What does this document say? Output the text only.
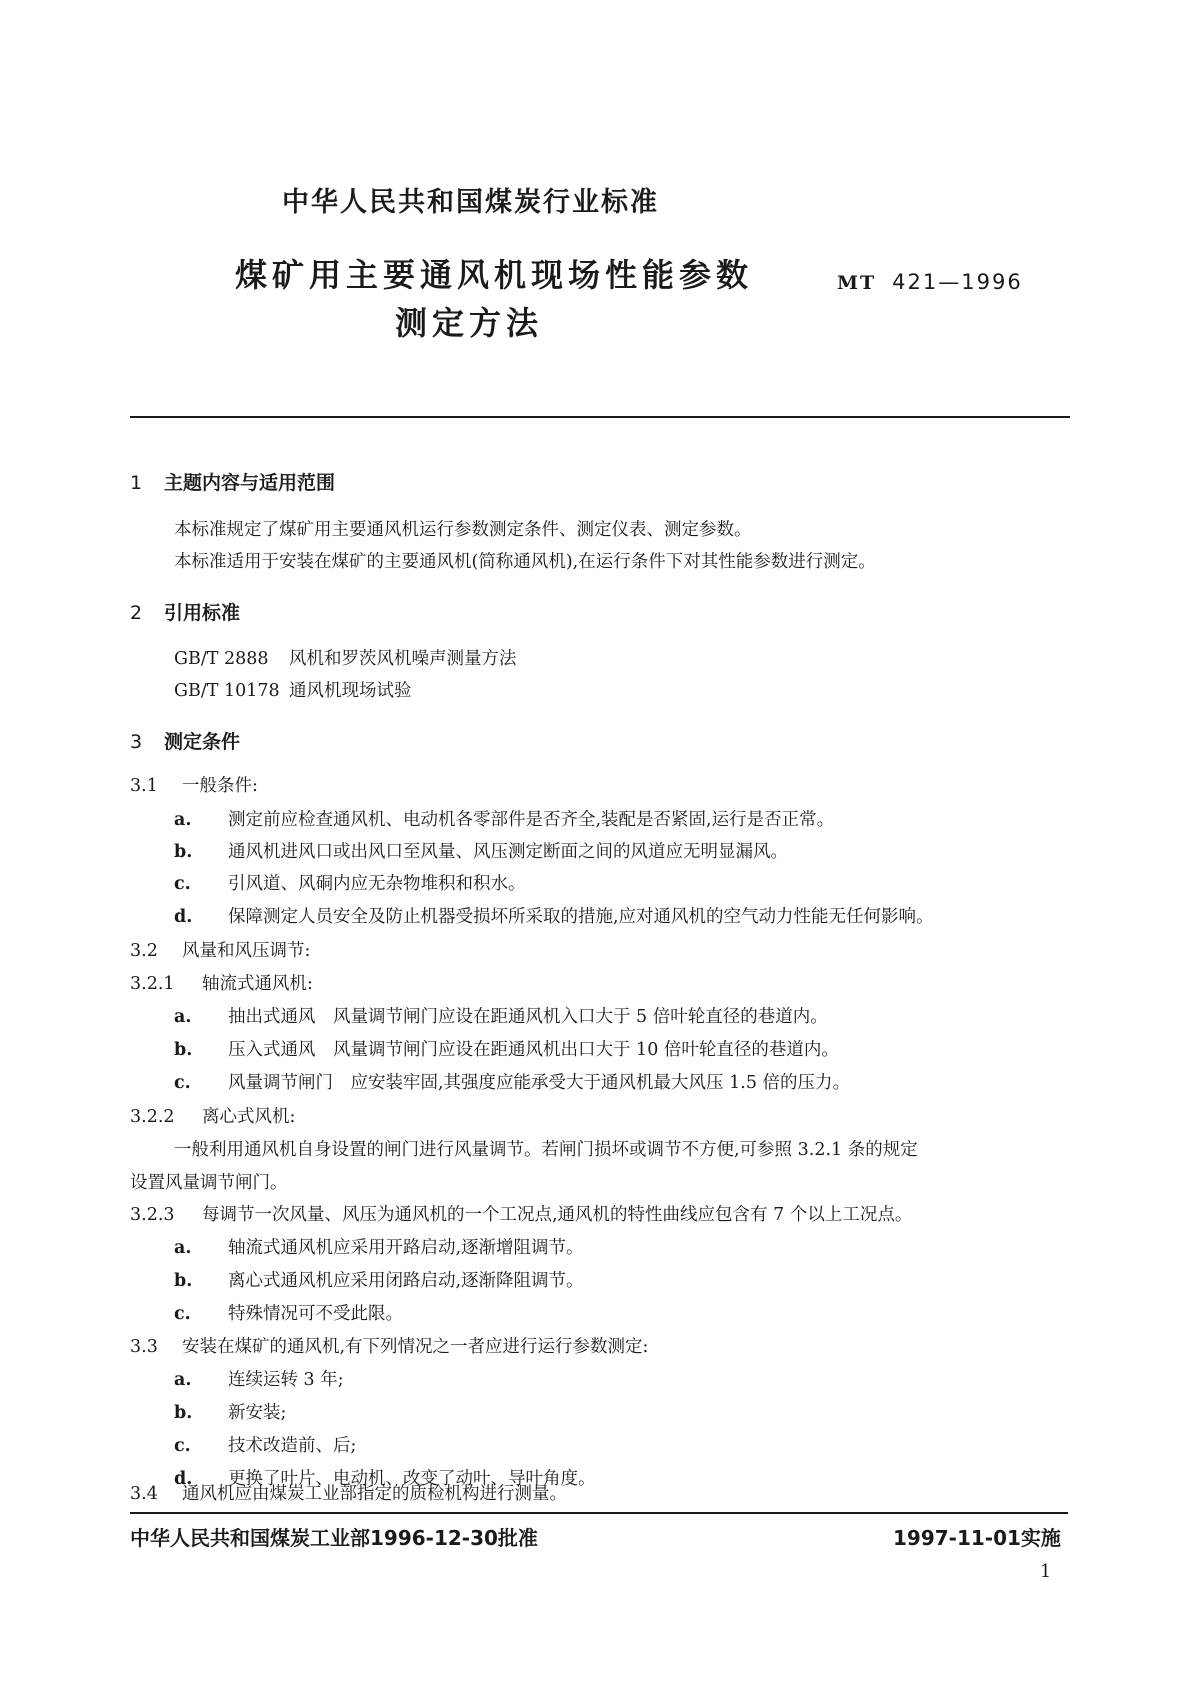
中华人民共和国煤炭行业标准
煤矿用主要通风机现场性能参数
测定方法
MT 421—1996
1 主题内容与适用范围
本标准规定了煤矿用主要通风机运行参数测定条件、测定仪表、测定参数。
本标准适用于安装在煤矿的主要通风机(简称通风机),在运行条件下对其性能参数进行测定。
2 引用标准
GB/T 2888 风机和罗茨风机噪声测量方法
GB/T 10178 通风机现场试验
3 测定条件
3.1 一般条件:
a. 测定前应检查通风机、电动机各零部件是否齐全,装配是否紧固,运行是否正常。
b. 通风机进风口或出风口至风量、风压测定断面之间的风道应无明显漏风。
c. 引风道、风硐内应无杂物堆积和积水。
d. 保障测定人员安全及防止机器受损坏所采取的措施,应对通风机的空气动力性能无任何影响。
3.2 风量和风压调节:
3.2.1 轴流式通风机:
a. 抽出式通风　风量调节闸门应设在距通风机入口大于 5 倍叶轮直径的巷道内。
b. 压入式通风　风量调节闸门应设在距通风机出口大于 10 倍叶轮直径的巷道内。
c. 风量调节闸门　应安装牢固,其强度应能承受大于通风机最大风压 1.5 倍的压力。
3.2.2 离心式风机:
一般利用通风机自身设置的闸门进行风量调节。若闸门损坏或调节不方便,可参照 3.2.1 条的规定
设置风量调节闸门。
3.2.3 每调节一次风量、风压为通风机的一个工况点,通风机的特性曲线应包含有 7 个以上工况点。
a. 轴流式通风机应采用开路启动,逐渐增阻调节。
b. 离心式通风机应采用闭路启动,逐渐降阻调节。
c. 特殊情况可不受此限。
3.3 安装在煤矿的通风机,有下列情况之一者应进行运行参数测定:
a. 连续运转 3 年;
b. 新安装;
c. 技术改造前、后;
d. 更换了叶片、电动机、改变了动叶、导叶角度。
3.4 通风机应由煤炭工业部指定的质检机构进行测量。
中华人民共和国煤炭工业部1996-12-30批准	1997-11-01实施
1
